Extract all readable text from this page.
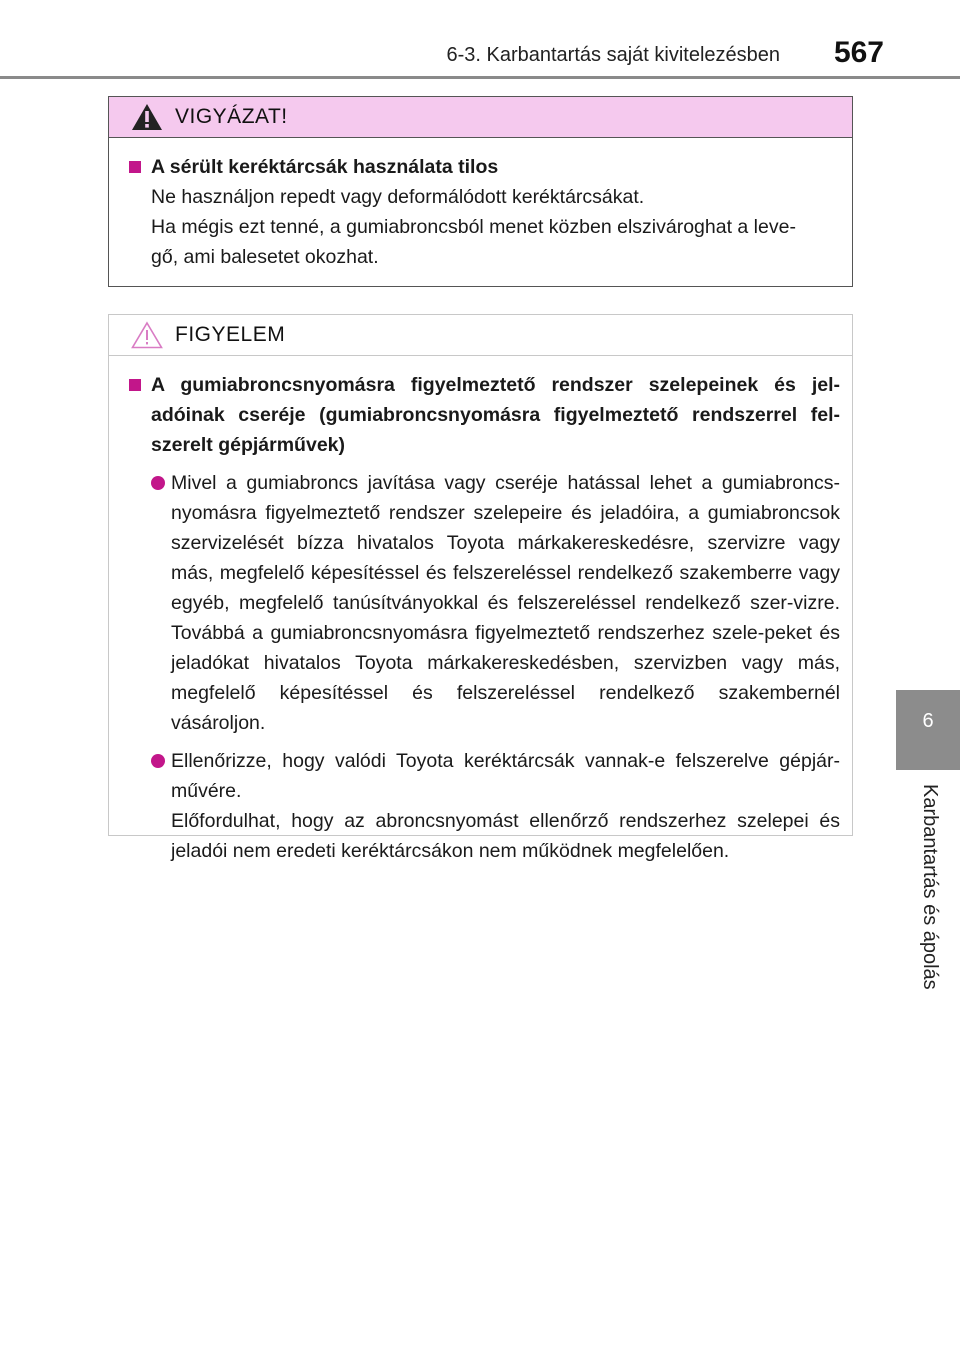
6-3. Karbantartás saját kivitelezésben 567
6
Karbantartás és ápolás
VIGYÁZAT!
A sérült keréktárcsák használata tilos
Ne használjon repedt vagy deformálódott keréktárcsákat.
Ha mégis ezt tenné, a gumiabroncsból menet közben elszivároghat a leve-
gő, ami balesetet okozhat.
FIGYELEM
A gumiabroncsnyomásra figyelmeztető rendszer szelepeinek és jel-adóinak cseréje (gumiabroncsnyomásra figyelmeztető rendszerrel fel-szerelt gépjárművek)
Mivel a gumiabroncs javítása vagy cseréje hatással lehet a gumiabroncs-nyomásra figyelmeztető rendszer szelepeire és jeladóira, a gumiabroncsok szervizelését bízza hivatalos Toyota márkakereskedésre, szervizre vagy más, megfelelő képesítéssel és felszereléssel rendelkező szakemberre vagy egyéb, megfelelő tanúsítványokkal és felszereléssel rendelkező szer-vizre. Továbbá a gumiabroncsnyomásra figyelmeztető rendszerhez szele-peket és jeladókat hivatalos Toyota márkakereskedésben, szervizben vagy más, megfelelő képesítéssel és felszereléssel rendelkező szakembernél vásároljon.
Ellenőrizze, hogy valódi Toyota keréktárcsák vannak-e felszerelve gépjár-művére.
Előfordulhat, hogy az abroncsnyomást ellenőrző rendszerhez szelepei és jeladói nem eredeti keréktárcsákon nem működnek megfelelően.
